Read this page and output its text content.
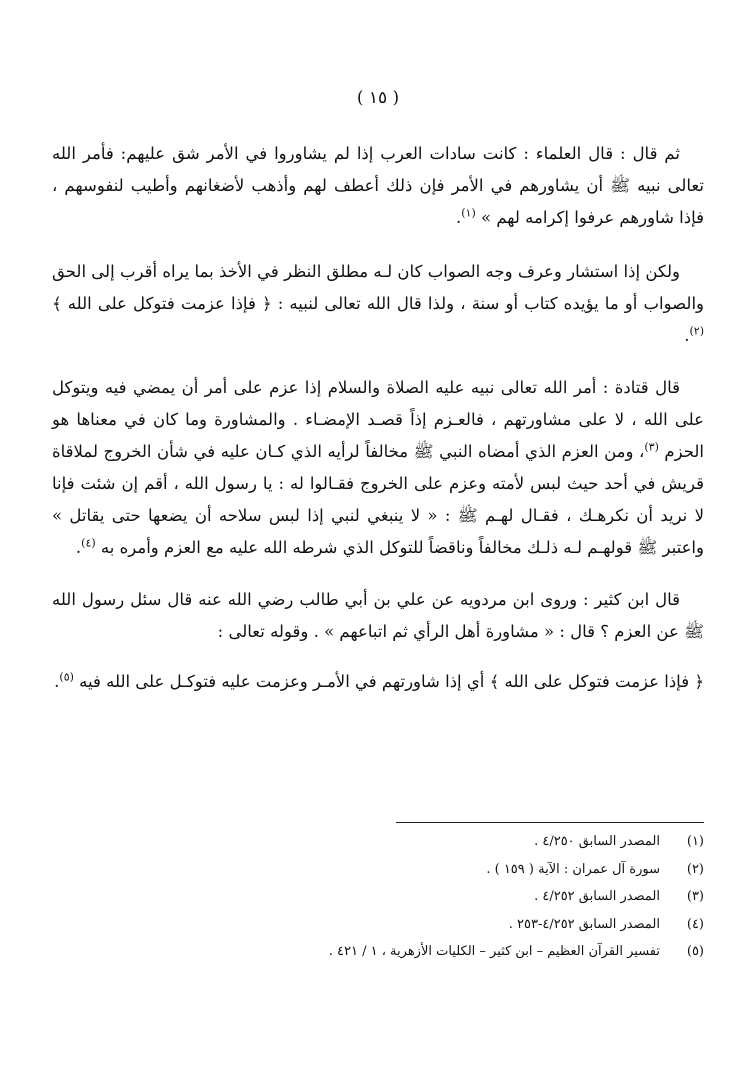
( ١٥ )

ثم قال : قال العلماء : كانت سادات العرب إذا لم يشاوروا في الأمر شق عليهم: فأمر الله تعالى نبيه ﷺ أن يشاورهم في الأمر فإن ذلك أعطف لهم وأذهب لأضغانهم وأطيب لنفوسهم ، فإذا شاورهم عرفوا إكرامه لهم » $^{(١)}$.

ولكن إذا استشار وعرف وجه الصواب كان لـه مطلق النظر في الأخذ بما يراه أقرب إلى الحق والصواب أو ما يؤيده كتاب أو سنة ، ولذا قال الله تعالى لنبيه : ﴿ فإذا عزمت فتوكل على الله ﴾ $^{(٢)}$.

قال قتادة : أمر الله تعالى نبيه عليه الصلاة والسلام إذا عزم على أمر أن يمضي فيه ويتوكل على الله ، لا على مشاورتهم ، فالعـزم إذاً قصـد الإمضـاء . والمشاورة وما كان في معناها هو الحزم $^{(٣)}$، ومن العزم الذي أمضاه النبي ﷺ مخالفاً لرأيه الذي كـان عليه في شأن الخروج لملاقاة قريش في أحد حيث لبس لأمته وعزم على الخروج فقـالوا له : يا رسول الله ، أقم إن شئت فإنا لا نريد أن نكرهـك ، فقـال لهـم ﷺ : « لا ينبغي لنبي إذا لبس سلاحه أن يضعها حتى يقاتل » واعتبر ﷺ قولهـم لـه ذلـك مخالفاً وناقضاً للتوكل الذي شرطه الله عليه مع العزم وأمره به $^{(٤)}$.

قال ابن كثير : وروى ابن مردويه عن علي بن أبي طالب رضي الله عنه قال سئل رسول الله ﷺ عن العزم ؟ قال : « مشاورة أهل الرأي ثم اتباعهم » . وقوله تعالى :

﴿ فإذا عزمت فتوكل على الله ﴾ أي إذا شاورتهم في الأمـر وعزمت عليه فتوكـل على الله فيه $^{(٥)}$.

(١)
المصدر السابق ٤/٢٥٠ .
(٢)
سورة آل عمران : الآية ( ١٥٩ ) .
(٣)
المصدر السابق ٤/٢٥٢ .
(٤)
المصدر السابق ٤/٢٥٢-٢٥٣ .
(٥)
تفسير القرآن العظيم – ابن كثير – الكليات الأزهرية ، ١ / ٤٢١ .
